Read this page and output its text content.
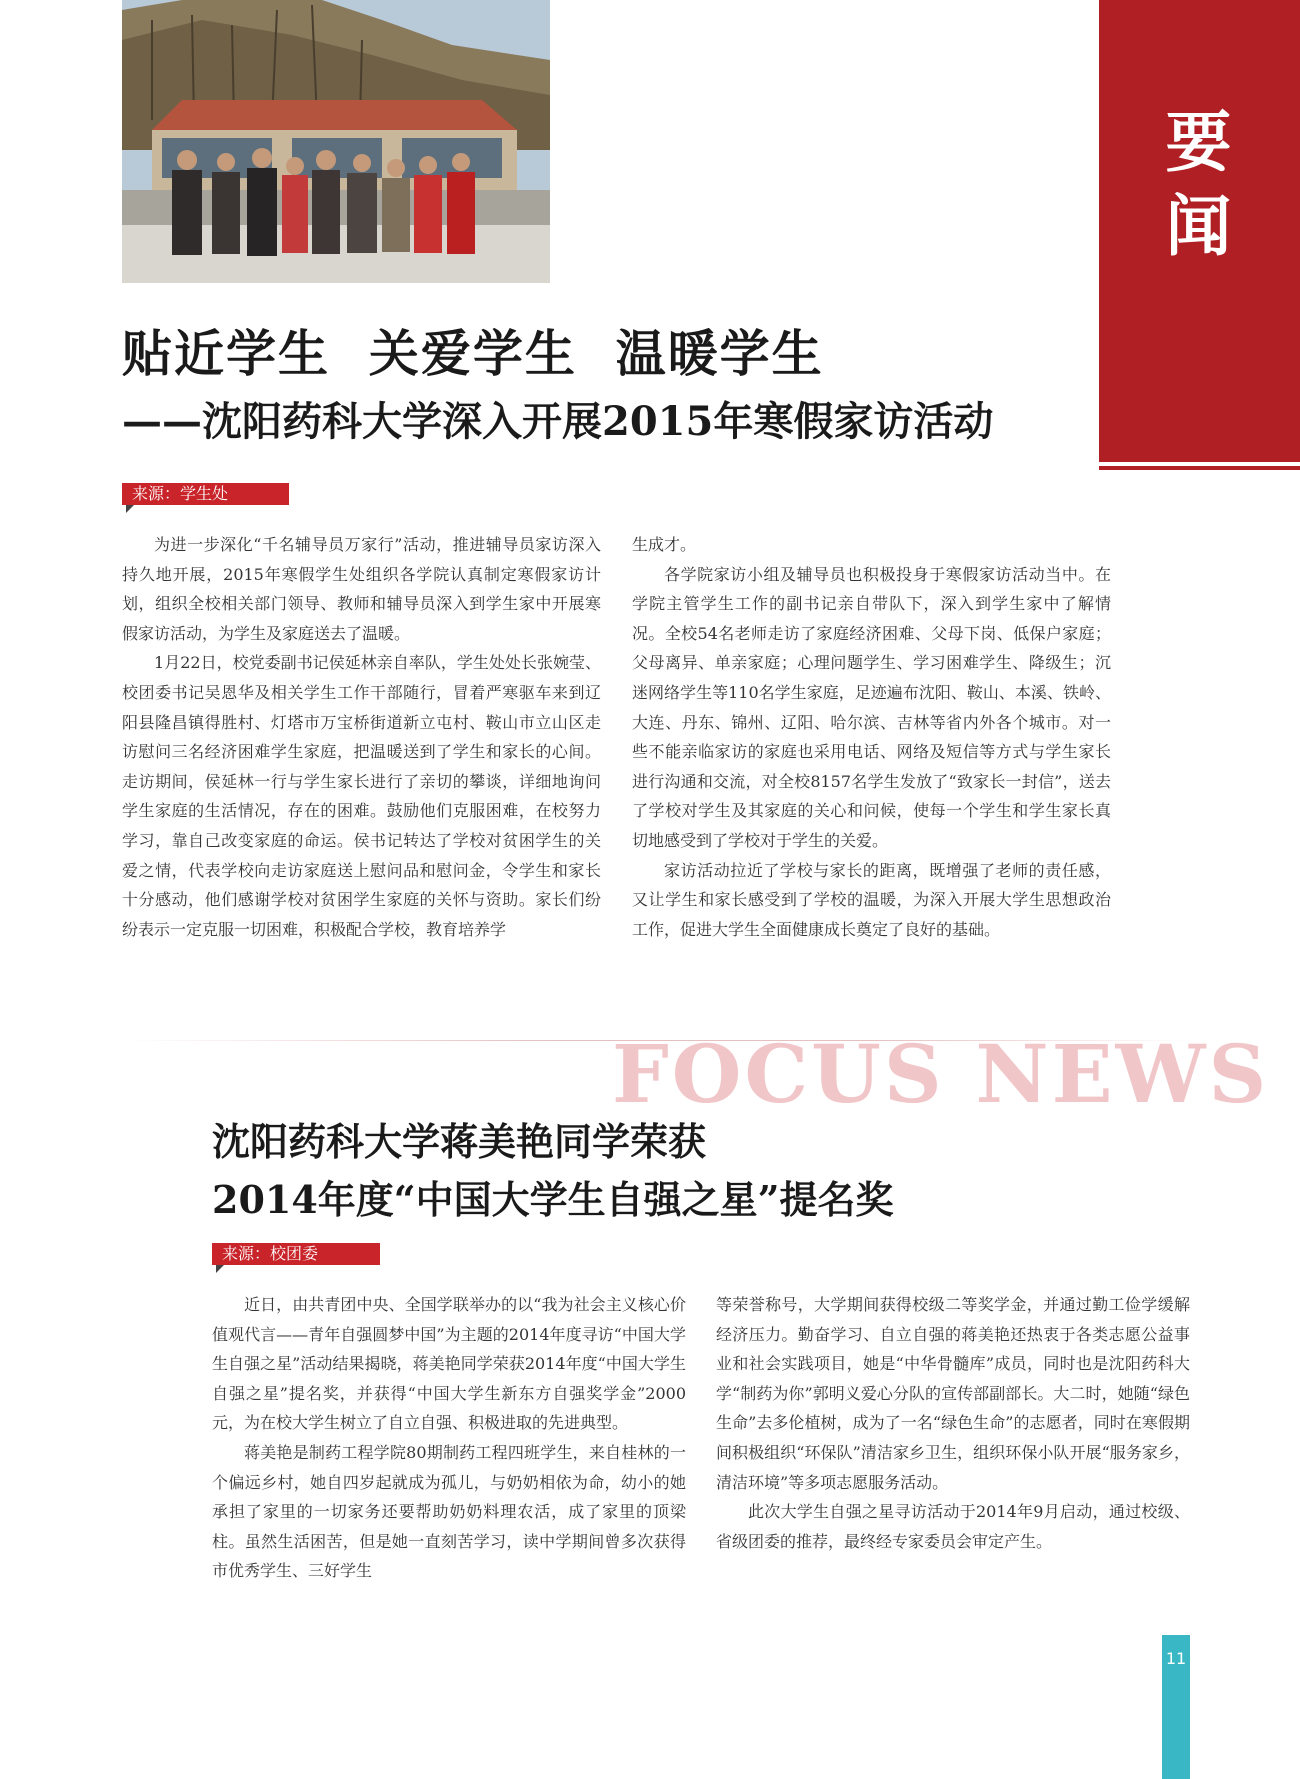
要
闻
贴近学生  关爱学生  温暖学生
——沈阳药科大学深入开展2015年寒假家访活动
来源：学生处

为进一步深化“千名辅导员万家行”活动，推进辅导员家访深入持久地开展，2015年寒假学生处组织各学院认真制定寒假家访计划，组织全校相关部门领导、教师和辅导员深入到学生家中开展寒假家访活动，为学生及家庭送去了温暖。

1月22日，校党委副书记侯延林亲自率队，学生处处长张婉莹、校团委书记吴恩华及相关学生工作干部随行，冒着严寒驱车来到辽阳县隆昌镇得胜村、灯塔市万宝桥街道新立屯村、鞍山市立山区走访慰问三名经济困难学生家庭，把温暖送到了学生和家长的心间。走访期间，侯延林一行与学生家长进行了亲切的攀谈，详细地询问学生家庭的生活情况，存在的困难。鼓励他们克服困难，在校努力学习，靠自己改变家庭的命运。侯书记转达了学校对贫困学生的关爱之情，代表学校向走访家庭送上慰问品和慰问金，令学生和家长十分感动，他们感谢学校对贫困学生家庭的关怀与资助。家长们纷纷表示一定克服一切困难，积极配合学校，教育培养学

生成才。

各学院家访小组及辅导员也积极投身于寒假家访活动当中。在学院主管学生工作的副书记亲自带队下，深入到学生家中了解情况。全校54名老师走访了家庭经济困难、父母下岗、低保户家庭；父母离异、单亲家庭；心理问题学生、学习困难学生、降级生；沉迷网络学生等110名学生家庭，足迹遍布沈阳、鞍山、本溪、铁岭、大连、丹东、锦州、辽阳、哈尔滨、吉林等省内外各个城市。对一些不能亲临家访的家庭也采用电话、网络及短信等方式与学生家长进行沟通和交流，对全校8157名学生发放了“致家长一封信”，送去了学校对学生及其家庭的关心和问候，使每一个学生和学生家长真切地感受到了学校对于学生的关爱。

家访活动拉近了学校与家长的距离，既增强了老师的责任感，又让学生和家长感受到了学校的温暖，为深入开展大学生思想政治工作，促进大学生全面健康成长奠定了良好的基础。

FOCUS NEWS
沈阳药科大学蒋美艳同学荣获
2014年度“中国大学生自强之星”提名奖
来源：校团委

近日，由共青团中央、全国学联举办的以“我为社会主义核心价值观代言——青年自强圆梦中国”为主题的2014年度寻访“中国大学生自强之星”活动结果揭晓，蒋美艳同学荣获2014年度“中国大学生自强之星”提名奖，并获得“中国大学生新东方自强奖学金”2000元，为在校大学生树立了自立自强、积极进取的先进典型。

蒋美艳是制药工程学院80期制药工程四班学生，来自桂林的一个偏远乡村，她自四岁起就成为孤儿，与奶奶相依为命，幼小的她承担了家里的一切家务还要帮助奶奶料理农活，成了家里的顶梁柱。虽然生活困苦，但是她一直刻苦学习，读中学期间曾多次获得市优秀学生、三好学生

等荣誉称号，大学期间获得校级二等奖学金，并通过勤工俭学缓解经济压力。勤奋学习、自立自强的蒋美艳还热衷于各类志愿公益事业和社会实践项目，她是“中华骨髓库”成员，同时也是沈阳药科大学“制药为你”郭明义爱心分队的宣传部副部长。大二时，她随“绿色生命”去多伦植树，成为了一名“绿色生命”的志愿者，同时在寒假期间积极组织“环保队”清洁家乡卫生，组织环保小队开展“服务家乡，清洁环境”等多项志愿服务活动。

此次大学生自强之星寻访活动于2014年9月启动，通过校级、省级团委的推荐，最终经专家委员会审定产生。

11
